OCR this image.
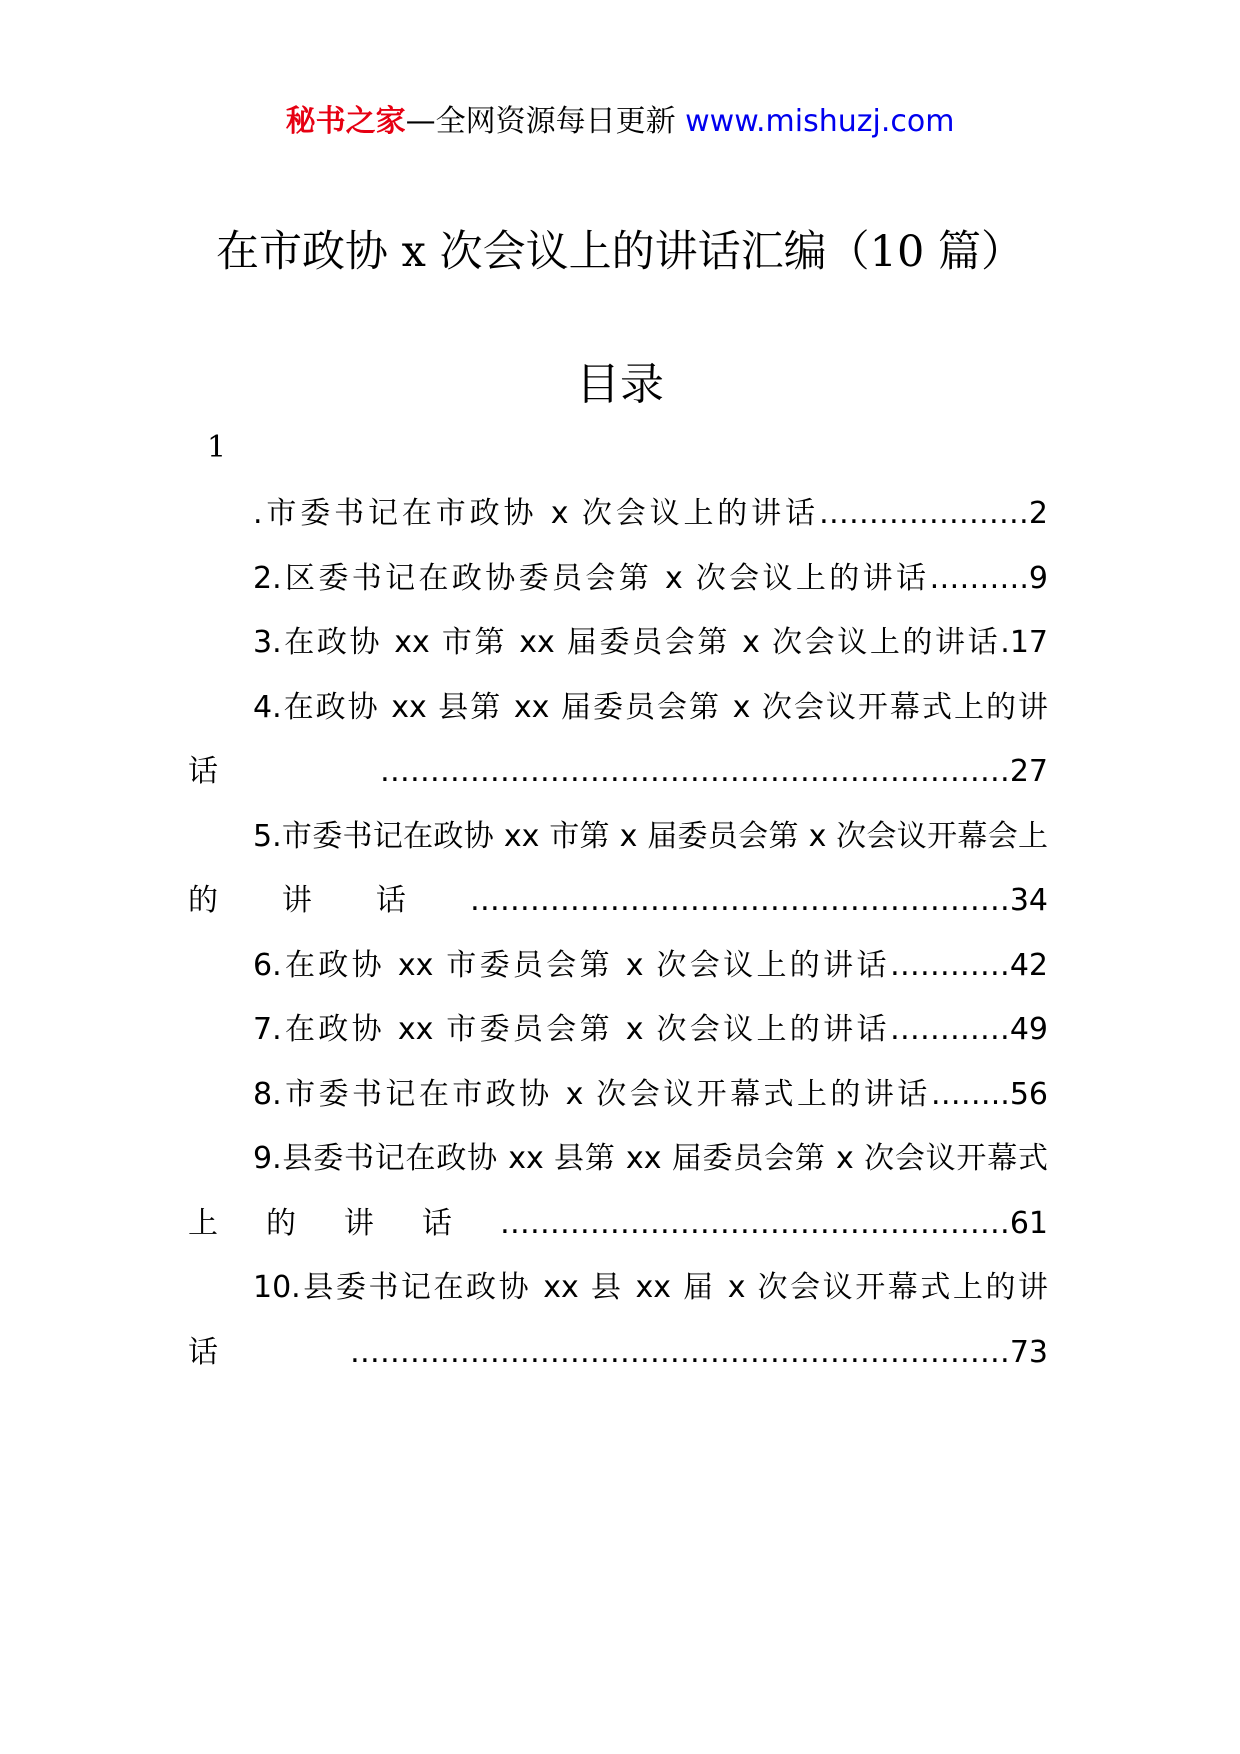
秘书之家—全网资源每日更新 www.mishuzj.com
在市政协 x 次会议上的讲话汇编（10 篇）
目录
1
.市委书记在市政协 x 次会议上的讲话…………………2
2.区委书记在政协委员会第 x 次会议上的讲话……….9
3.在政协 xx 市第 xx 届委员会第 x 次会议上的讲话.17
4.在政协 xx 县第 xx 届委员会第 x 次会议开幕式上的讲话………………………………………………………27
5.市委书记在政协 xx 市第 x 届委员会第 x 次会议开幕会上的讲话………………………………………………34
6.在政协 xx 市委员会第 x 次会议上的讲话…………42
7.在政协 xx 市委员会第 x 次会议上的讲话…………49
8.市委书记在市政协 x 次会议开幕式上的讲话……..56
9.县委书记在政协 xx 县第 xx 届委员会第 x 次会议开幕式上的讲话……………………………………………61
10.县委书记在政协 xx 县 xx 届 x 次会议开幕式上的讲话…………………………………………………………73
